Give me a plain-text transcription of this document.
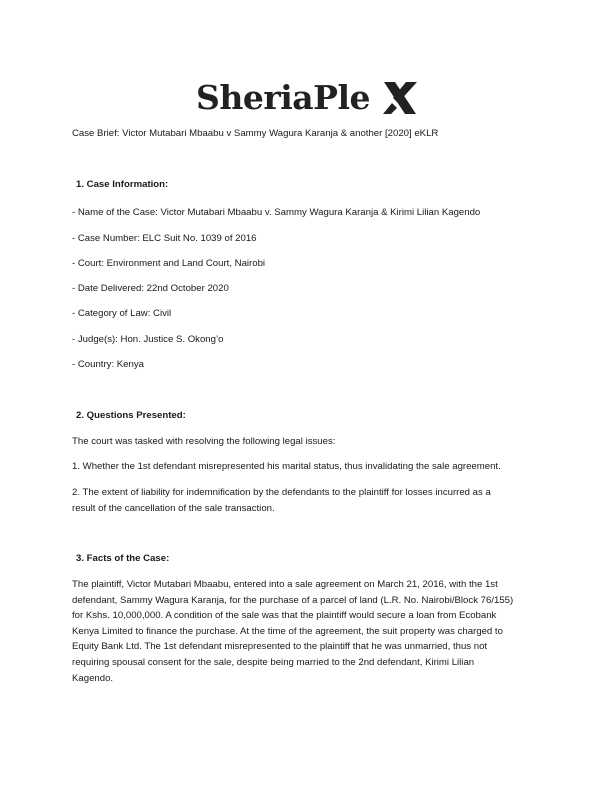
SheriaPle
Case Brief: Victor Mutabari Mbaabu v Sammy Wagura Karanja & another [2020] eKLR
1. Case Information:
- Name of the Case: Victor Mutabari Mbaabu v. Sammy Wagura Karanja & Kirimi Lilian Kagendo
- Case Number: ELC Suit No. 1039 of 2016
- Court: Environment and Land Court, Nairobi
- Date Delivered: 22nd October 2020
- Category of Law: Civil
- Judge(s): Hon. Justice S. Okong’o
- Country: Kenya
2. Questions Presented:
The court was tasked with resolving the following legal issues:
1. Whether the 1st defendant misrepresented his marital status, thus invalidating the sale agreement.
2. The extent of liability for indemnification by the defendants to the plaintiff for losses incurred as a
result of the cancellation of the sale transaction.
3. Facts of the Case:
The plaintiff, Victor Mutabari Mbaabu, entered into a sale agreement on March 21, 2016, with the 1st
defendant, Sammy Wagura Karanja, for the purchase of a parcel of land (L.R. No. Nairobi/Block 76/155)
for Kshs. 10,000,000. A condition of the sale was that the plaintiff would secure a loan from Ecobank
Kenya Limited to finance the purchase. At the time of the agreement, the suit property was charged to
Equity Bank Ltd. The 1st defendant misrepresented to the plaintiff that he was unmarried, thus not
requiring spousal consent for the sale, despite being married to the 2nd defendant, Kirimi Lilian
Kagendo.
